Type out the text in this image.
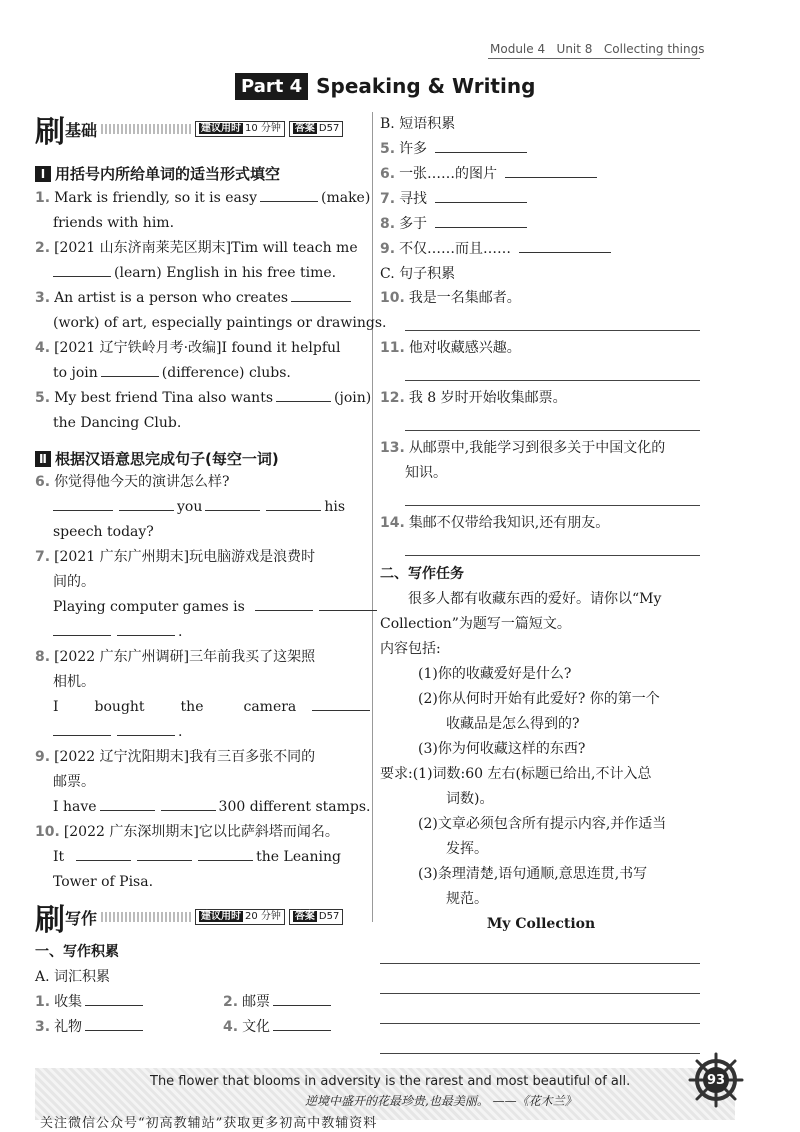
Module 4 Unit 8 Collecting things
Part 4 Speaking & Writing
刷 基础	建议用时 10 分钟	答案 D57
Ⅰ 用括号内所给单词的适当形式填空
1. Mark is friendly, so it is easy	(make)
friends with him.
2. [2021 山东济南莱芜区期末]Tim will teach me
(learn) English in his free time.
3. An artist is a person who creates
(work) of art, especially paintings or drawings.
4. [2021 辽宁铁岭月考·改编]I found it helpful
to join	(difference) clubs.
5. My best friend Tina also wants	(join)
the Dancing Club.
Ⅱ 根据汉语意思完成句子(每空一词)
6. 你觉得他今天的演讲怎么样?
you	his
speech today?
7. [2021 广东广州期末]玩电脑游戏是浪费时
间的。
Playing computer games is
.
8. [2022 广东广州调研]三年前我买了这架照
相机。
I	bought	the	camera
.
9. [2022 辽宁沈阳期末]我有三百多张不同的
邮票。
I have	300 different stamps.
10. [2022 广东深圳期末]它以比萨斜塔而闻名。
It	the Leaning
Tower of Pisa.
刷 写作	建议用时 20 分钟	答案 D57
一、写作积累
A. 词汇积累
1. 收集	2. 邮票
3. 礼物	4. 文化
B. 短语积累
5. 许多
6. 一张……的图片
7. 寻找
8. 多于
9. 不仅……而且……
C. 句子积累
10. 我是一名集邮者。
11. 他对收藏感兴趣。
12. 我 8 岁时开始收集邮票。
13. 从邮票中,我能学习到很多关于中国文化的
知识。
14. 集邮不仅带给我知识,还有朋友。
二、写作任务
很多人都有收藏东西的爱好。请你以“My
Collection”为题写一篇短文。
内容包括:
(1)你的收藏爱好是什么?
(2)你从何时开始有此爱好? 你的第一个
收藏品是怎么得到的?
(3)你为何收藏这样的东西?
要求:(1)词数:60 左右(标题已给出,不计入总
词数)。
(2)文章必须包含所有提示内容,并作适当
发挥。
(3)条理清楚,语句通顺,意思连贯,书写
规范。
My Collection
The flower that blooms in adversity is the rarest and most beautiful of all.
逆境中盛开的花最珍贵,也最美丽。 ——《花木兰》
关注微信公众号“初高教辅站”获取更多初高中教辅资料
93
